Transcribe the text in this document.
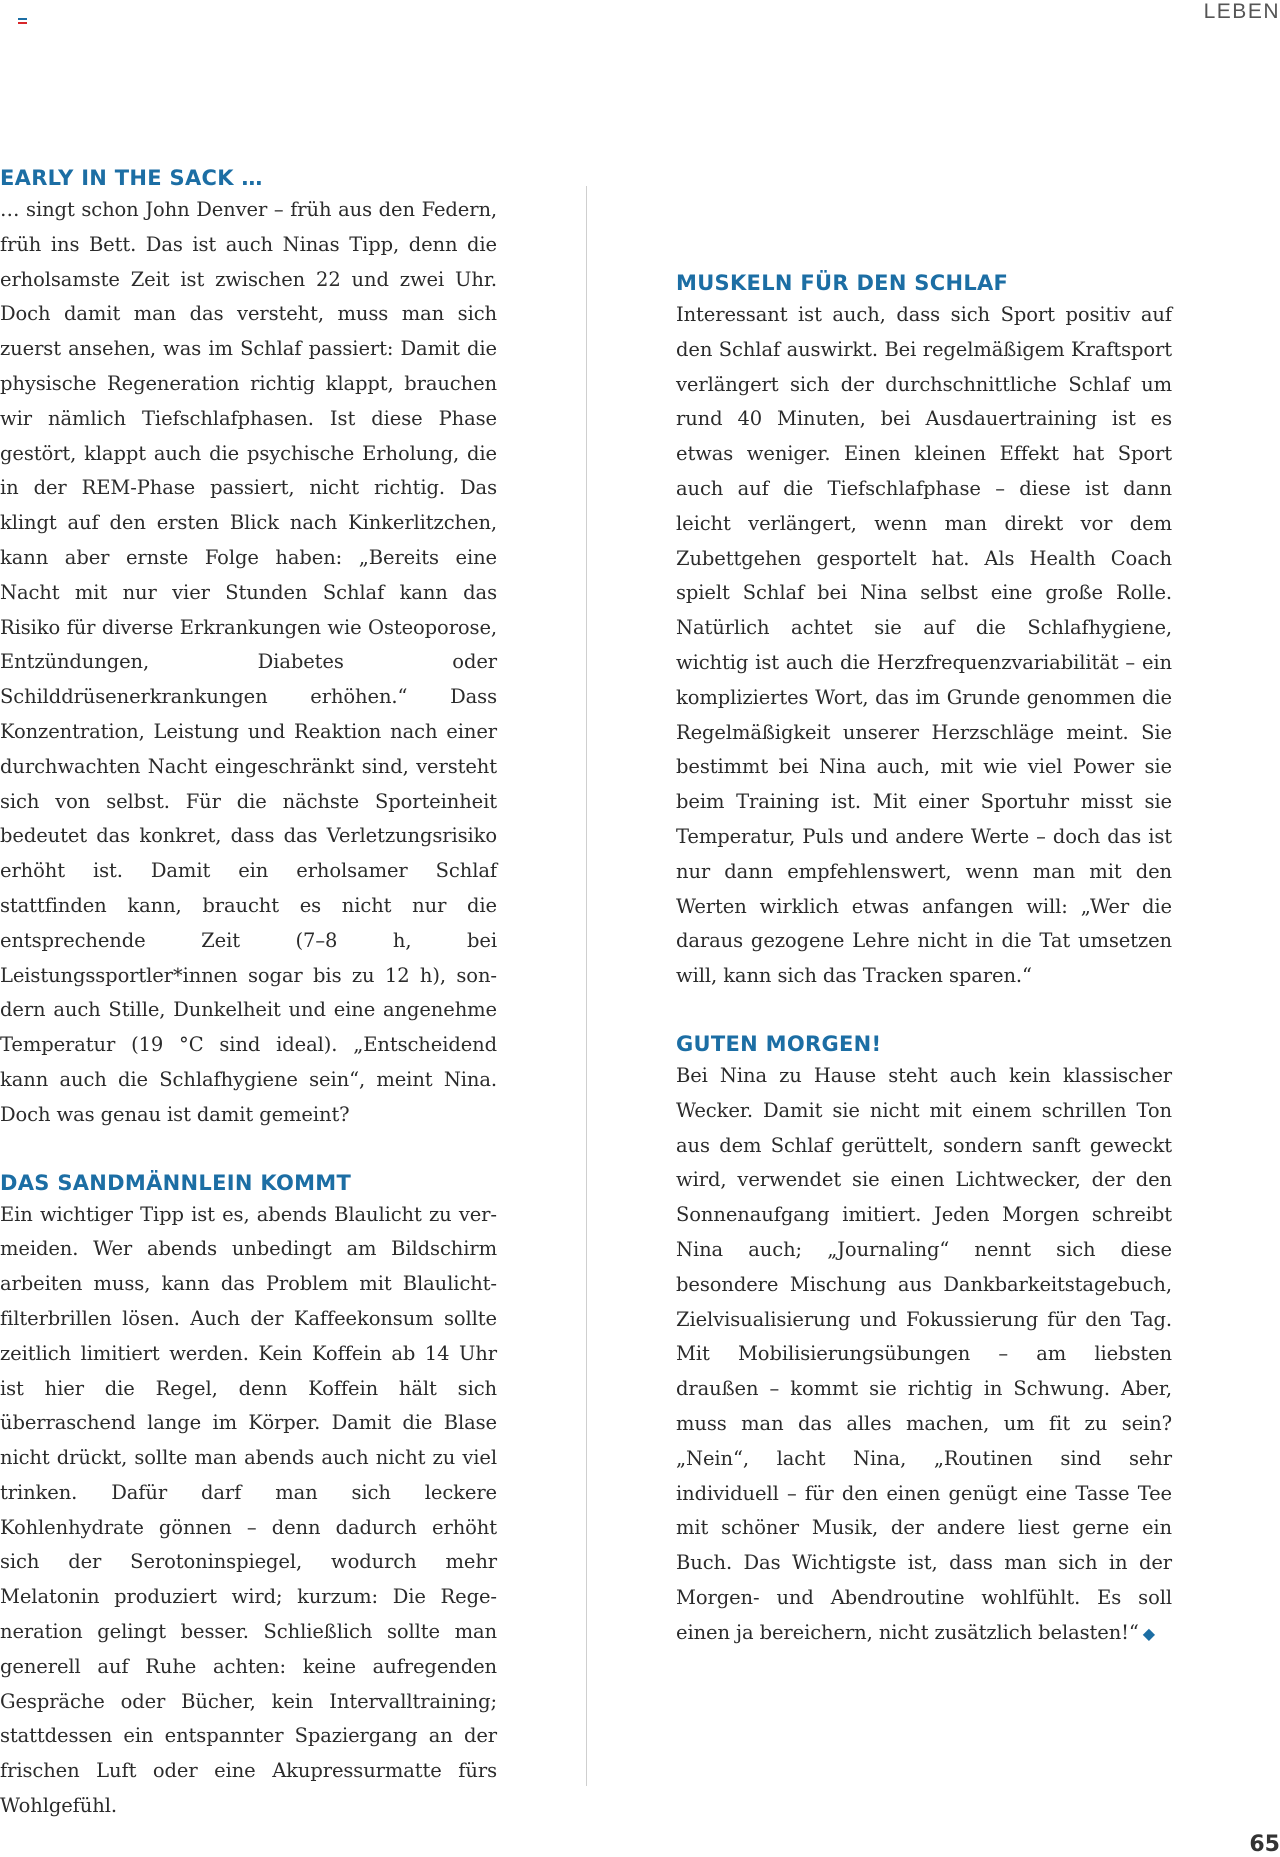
LEBEN
EARLY IN THE SACK …

… singt schon John Denver – früh aus den Federn, früh ins Bett. Das ist auch Ninas Tipp, denn die erholsamste Zeit ist zwischen 22 und zwei Uhr. Doch damit man das versteht, muss man sich zuerst ansehen, was im Schlaf passiert: Damit die physische Regeneration richtig klappt, brauchen wir nämlich Tiefschlafphasen. Ist diese Phase gestört, klappt auch die psychische Erholung, die in der REM-Phase passiert, nicht richtig. Das klingt auf den ersten Blick nach Kinkerlitzchen, kann aber ernste Folge haben: „Bereits eine Nacht mit nur vier Stunden Schlaf kann das Risiko für diverse Erkrankungen wie Osteoporose, Entzündungen, Diabetes oder Schilddrüsenerkrankungen erhöhen.“ Dass Konzentration, Leistung und Reaktion nach einer durchwachten Nacht eingeschränkt sind, versteht sich von selbst. Für die nächste Sporteinheit bedeutet das konkret, dass das Verletzungsrisiko erhöht ist. Damit ein erholsamer Schlaf stattfinden kann, braucht es nicht nur die entsprechende Zeit (7–8 h, bei Leistungssportler*innen sogar bis zu 12 h), sondern auch Stille, Dunkelheit und eine angenehme Temperatur (19 °C sind ideal). „Entscheidend kann auch die Schlafhygiene sein“, meint Nina. Doch was genau ist damit gemeint?

DAS SANDMÄNNLEIN KOMMT

Ein wichtiger Tipp ist es, abends Blaulicht zu vermeiden. Wer abends unbedingt am Bildschirm arbeiten muss, kann das Problem mit Blaulichtfilterbrillen lösen. Auch der Kaffeekonsum sollte zeitlich limitiert werden. Kein Koffein ab 14 Uhr ist hier die Regel, denn Koffein hält sich überraschend lange im Körper. Damit die Blase nicht drückt, sollte man abends auch nicht zu viel trinken. Dafür darf man sich leckere Kohlenhydrate gönnen – denn dadurch erhöht sich der Serotoninspiegel, wodurch mehr Melatonin produziert wird; kurzum: Die Regeneration gelingt besser. Schließlich sollte man generell auf Ruhe achten: keine aufregenden Gespräche oder Bücher, kein Intervalltraining; stattdessen ein entspannter Spaziergang an der frischen Luft oder eine Akupressurmatte fürs Wohlgefühl.

MUSKELN FÜR DEN SCHLAF

Interessant ist auch, dass sich Sport positiv auf den Schlaf auswirkt. Bei regelmäßigem Kraftsport verlängert sich der durchschnittliche Schlaf um rund 40 Minuten, bei Ausdauertraining ist es etwas weniger. Einen kleinen Effekt hat Sport auch auf die Tiefschlafphase – diese ist dann leicht verlängert, wenn man direkt vor dem Zubettgehen gesportelt hat. Als Health Coach spielt Schlaf bei Nina selbst eine große Rolle. Natürlich achtet sie auf die Schlafhygiene, wichtig ist auch die Herzfrequenzvariabilität – ein kompliziertes Wort, das im Grunde genommen die Regelmäßigkeit unserer Herzschläge meint. Sie bestimmt bei Nina auch, mit wie viel Power sie beim Training ist. Mit einer Sportuhr misst sie Temperatur, Puls und andere Werte – doch das ist nur dann empfehlenswert, wenn man mit den Werten wirklich etwas anfangen will: „Wer die daraus gezogene Lehre nicht in die Tat umsetzen will, kann sich das Tracken sparen.“

GUTEN MORGEN!

Bei Nina zu Hause steht auch kein klassischer Wecker. Damit sie nicht mit einem schrillen Ton aus dem Schlaf gerüttelt, sondern sanft geweckt wird, verwendet sie einen Lichtwecker, der den Sonnenaufgang imitiert. Jeden Morgen schreibt Nina auch; „Journaling“ nennt sich diese besondere Mischung aus Dankbarkeitstagebuch, Zielvisualisierung und Fokussierung für den Tag. Mit Mobilisierungsübungen – am liebsten draußen – kommt sie richtig in Schwung. Aber, muss man das alles machen, um fit zu sein? „Nein“, lacht Nina, „Routinen sind sehr individuell – für den einen genügt eine Tasse Tee mit schöner Musik, der andere liest gerne ein Buch. Das Wichtigste ist, dass man sich in der Morgen- und Abendroutine wohlfühlt. Es soll einen ja bereichern, nicht zusätzlich belasten!“ ◆

65
